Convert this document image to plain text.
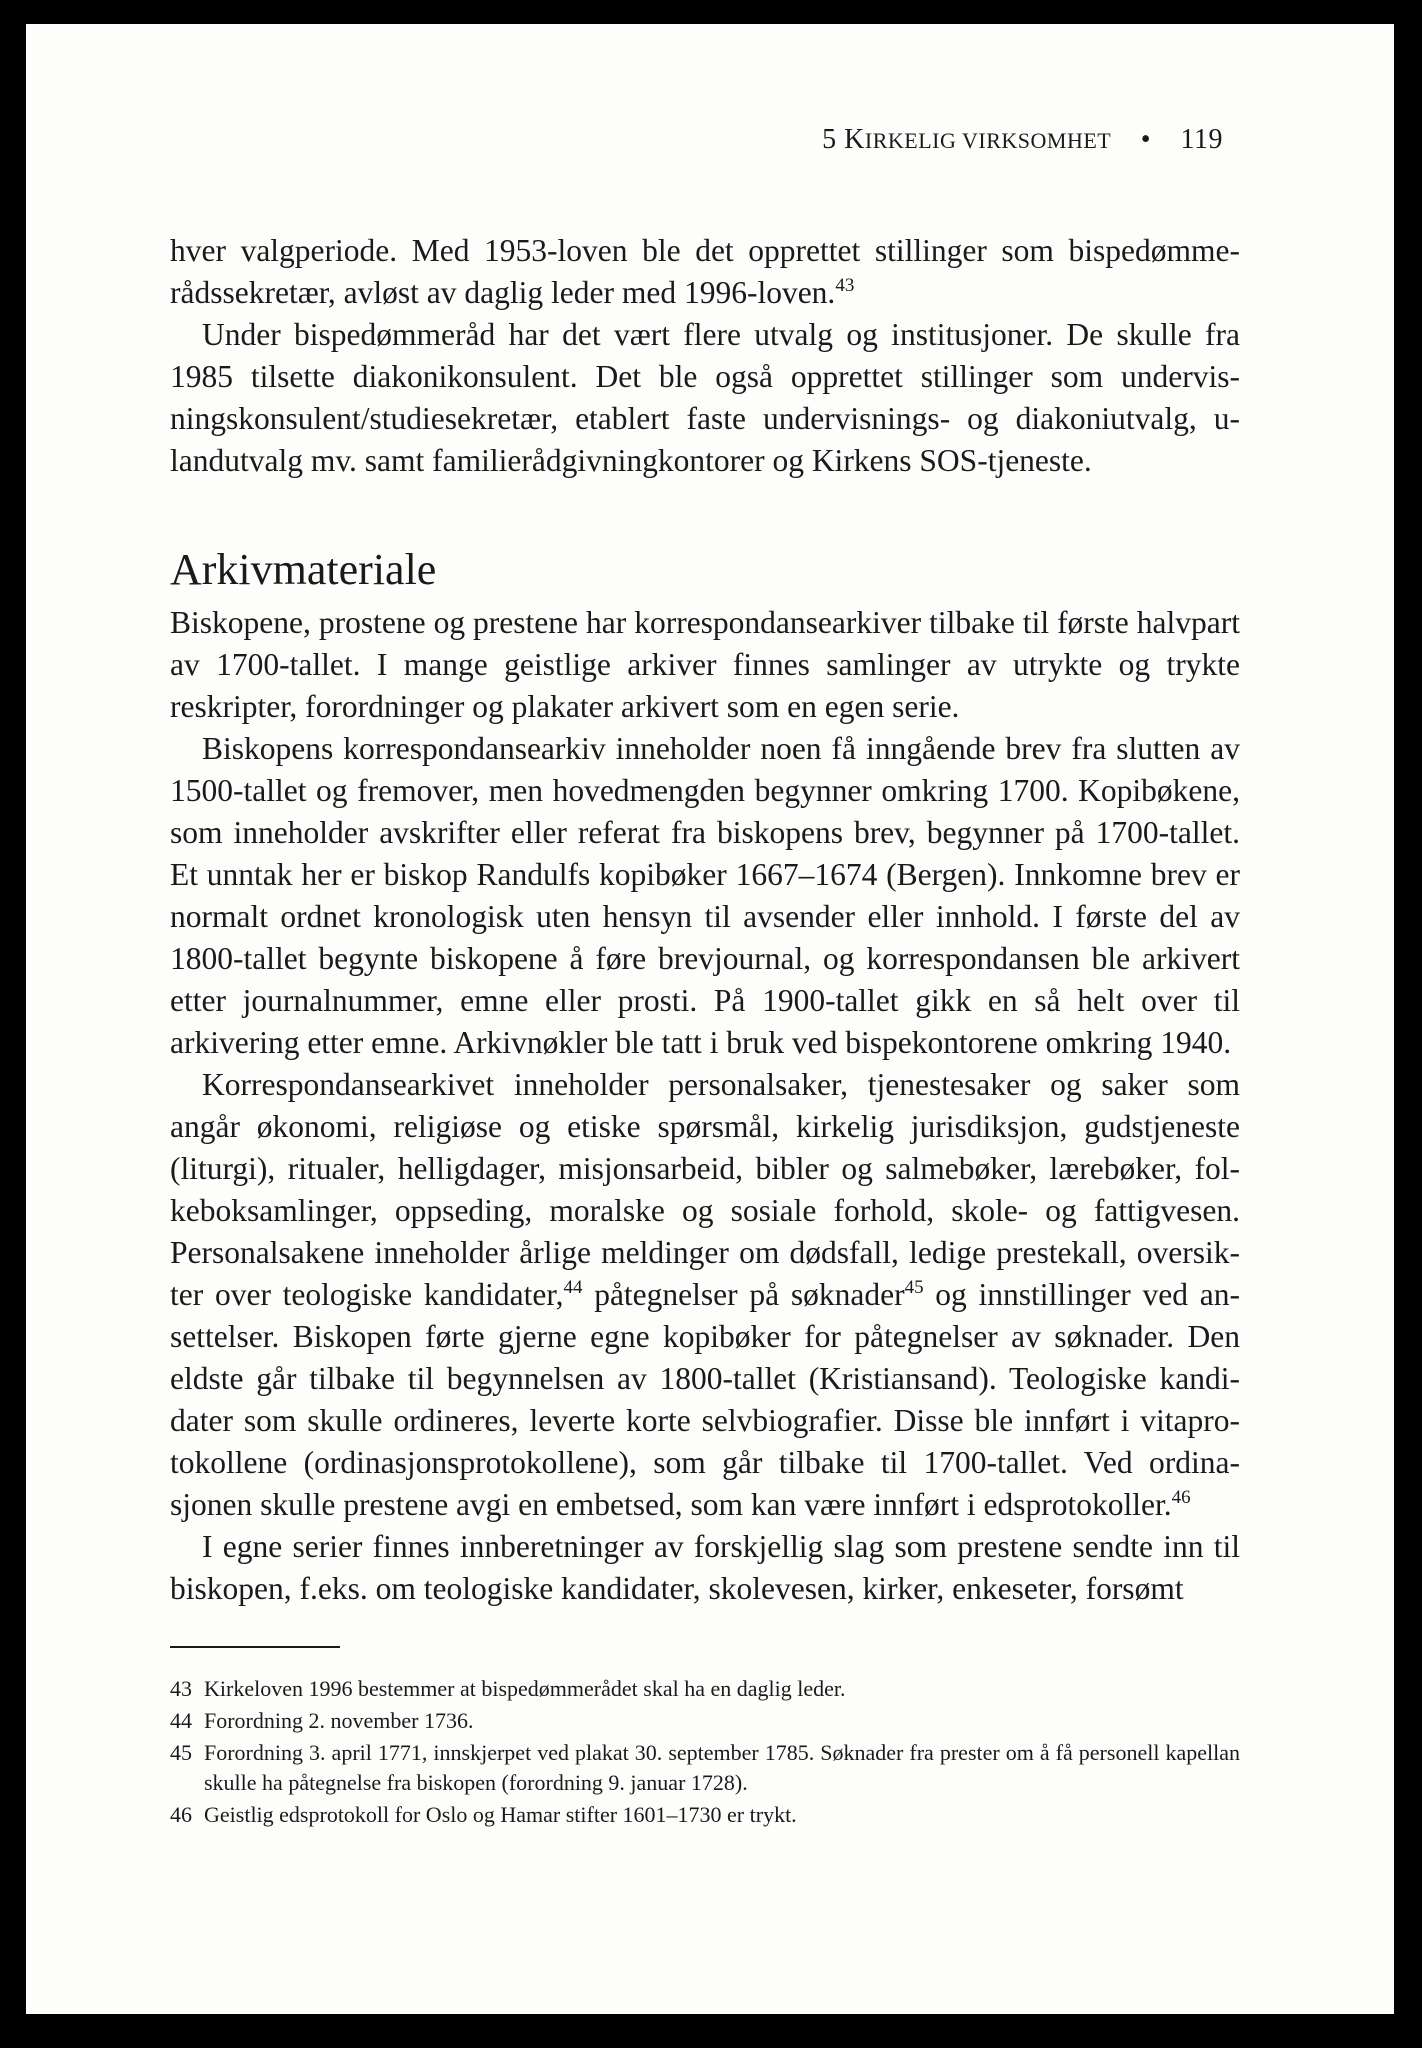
5 KIRKELIG VIRKSOMHET • 119

hver valgperiode. Med 1953-loven ble det opprettet stillinger som bispedømmerådssekretær, avløst av daglig leder med 1996-loven.$^{43}$

Under bispedømmeråd har det vært flere utvalg og institusjoner. De skulle fra 1985 tilsette diakonikonsulent. Det ble også opprettet stillinger som undervisningskonsulent/studiesekretær, etablert faste undervisnings- og diakoniutvalg, u-landutvalg mv. samt familierådgivningkontorer og Kirkens SOS-tjeneste.

Arkivmateriale

Biskopene, prostene og prestene har korrespondansearkiver tilbake til første halvpart av 1700-tallet. I mange geistlige arkiver finnes samlinger av utrykte og trykte reskripter, forordninger og plakater arkivert som en egen serie.

Biskopens korrespondansearkiv inneholder noen få inngående brev fra slutten av 1500-tallet og fremover, men hovedmengden begynner omkring 1700. Kopibøkene, som inneholder avskrifter eller referat fra biskopens brev, begynner på 1700-tallet. Et unntak her er biskop Randulfs kopibøker 1667–1674 (Bergen). Innkomne brev er normalt ordnet kronologisk uten hensyn til avsender eller innhold. I første del av 1800-tallet begynte biskopene å føre brevjournal, og korrespondansen ble arkivert etter journalnummer, emne eller prosti. På 1900-tallet gikk en så helt over til arkivering etter emne. Arkivnøkler ble tatt i bruk ved bispekontorene omkring 1940.

Korrespondansearkivet inneholder personalsaker, tjenestesaker og saker som angår økonomi, religiøse og etiske spørsmål, kirkelig jurisdiksjon, gudstjeneste (liturgi), ritualer, helligdager, misjonsarbeid, bibler og salmebøker, lærebøker, folkeboksamlinger, oppseding, moralske og sosiale forhold, skole- og fattigvesen. Personalsakene inneholder årlige meldinger om dødsfall, ledige prestekall, oversikter over teologiske kandidater,$^{44}$ påtegnelser på søknader$^{45}$ og innstillinger ved ansettelser. Biskopen førte gjerne egne kopibøker for påtegnelser av søknader. Den eldste går tilbake til begynnelsen av 1800-tallet (Kristiansand). Teologiske kandidater som skulle ordineres, leverte korte selvbiografier. Disse ble innført i vitaprotokollene (ordinasjonsprotokollene), som går tilbake til 1700-tallet. Ved ordinasjonen skulle prestene avgi en embetsed, som kan være innført i edsprotokoller.$^{46}$

I egne serier finnes innberetninger av forskjellig slag som prestene sendte inn til biskopen, f.eks. om teologiske kandidater, skolevesen, kirker, enkeseter, forsømt

43 Kirkeloven 1996 bestemmer at bispedømmerådet skal ha en daglig leder.
44 Forordning 2. november 1736.
45 Forordning 3. april 1771, innskjerpet ved plakat 30. september 1785. Søknader fra prester om å få personell kapellan skulle ha påtegnelse fra biskopen (forordning 9. januar 1728).
46 Geistlig edsprotokoll for Oslo og Hamar stifter 1601–1730 er trykt.
